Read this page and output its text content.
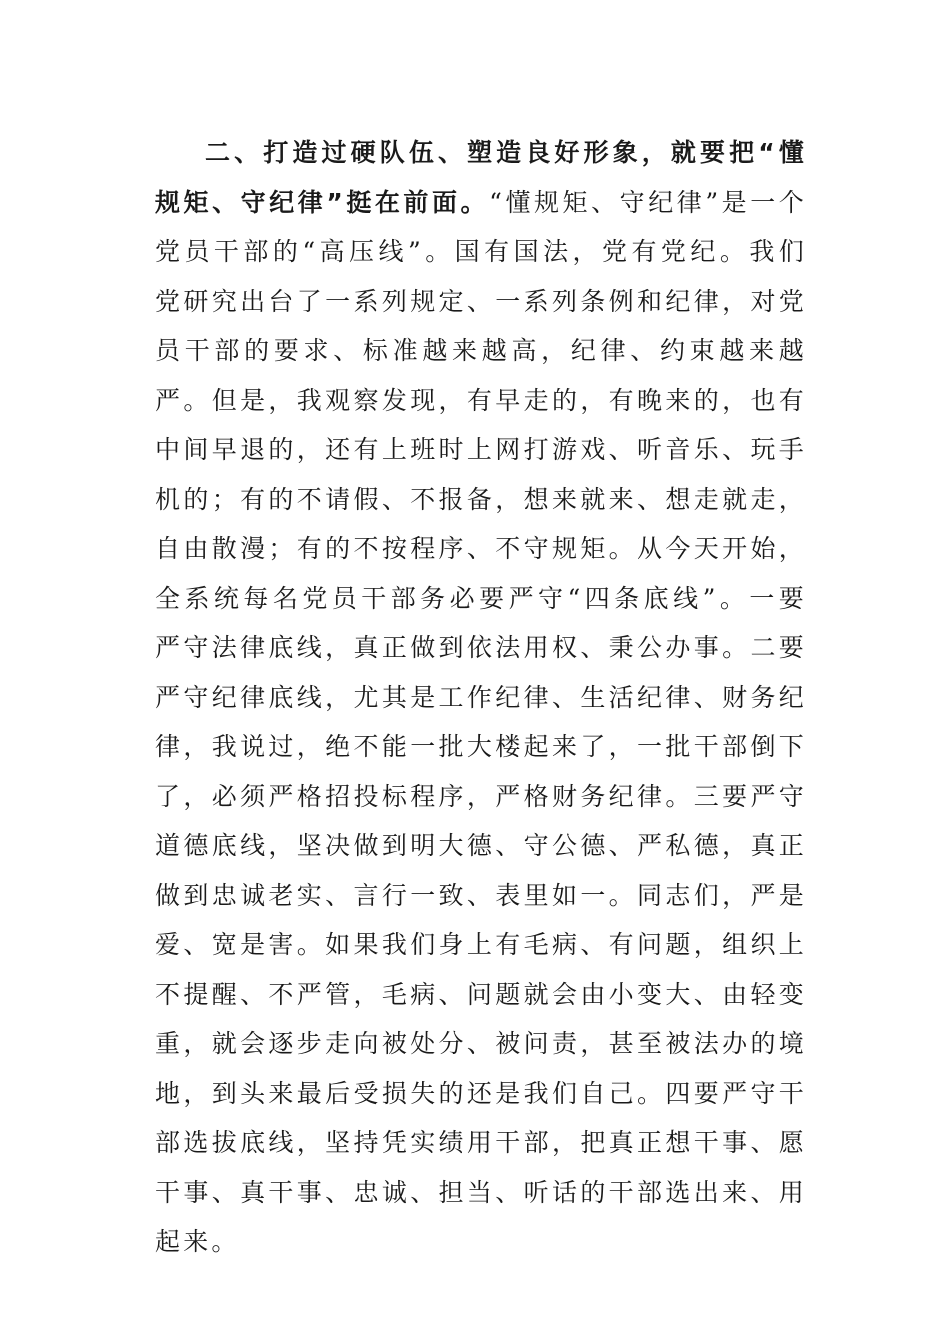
二、打造过硬队伍、塑造良好形象，就要把“懂规矩、守纪律”挺在前面。“懂规矩、守纪律”是一个党员干部的“高压线”。国有国法，党有党纪。我们党研究出台了一系列规定、一系列条例和纪律，对党员干部的要求、标准越来越高，纪律、约束越来越严。但是，我观察发现，有早走的，有晚来的，也有中间早退的，还有上班时上网打游戏、听音乐、玩手机的；有的不请假、不报备，想来就来、想走就走，自由散漫；有的不按程序、不守规矩。从今天开始，全系统每名党员干部务必要严守“四条底线”。一要严守法律底线，真正做到依法用权、秉公办事。二要严守纪律底线，尤其是工作纪律、生活纪律、财务纪律，我说过，绝不能一批大楼起来了，一批干部倒下了，必须严格招投标程序，严格财务纪律。三要严守道德底线，坚决做到明大德、守公德、严私德，真正做到忠诚老实、言行一致、表里如一。同志们，严是爱、宽是害。如果我们身上有毛病、有问题，组织上不提醒、不严管，毛病、问题就会由小变大、由轻变重，就会逐步走向被处分、被问责，甚至被法办的境地，到头来最后受损失的还是我们自己。四要严守干部选拔底线，坚持凭实绩用干部，把真正想干事、愿干事、真干事、忠诚、担当、听话的干部选出来、用起来。
